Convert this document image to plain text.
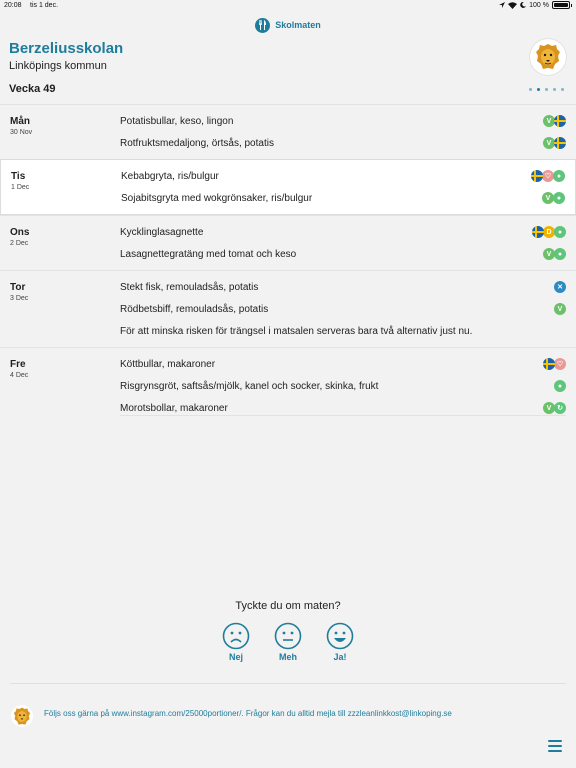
20:08 tis 1 dec.	100 %
Skolmaten
Berzeliusskolan
Linköpings kommun
Vecka 49
Mån
30 Nov
Potatisbullar, keso, lingon	V
Rotfruktsmedaljong, örtsås, potatis	V
Tis
1 Dec
Kebabgryta, ris/bulgur	♡ ●
Sojabitsgryta med wokgrönsaker, ris/bulgur	V ●
Ons
2 Dec
Kycklinglasagnette	D ●
Lasagnettegratäng med tomat och keso	V ●
Tor
3 Dec
Stekt fisk, remouladsås, potatis	✕
Rödbetsbiff, remouladsås, potatis	V
För att minska risken för trängsel i matsalen serveras bara två alternativ just nu.
Fre
4 Dec
Köttbullar, makaroner	♡
Risgrynsgröt, saftsås/mjölk, kanel och socker, skinka, frukt	●
Morotsbollar, makaroner	V ↻
Tyckte du om maten?
Nej	Meh	Ja!
Följs oss gärna på www.instagram.com/25000portioner/. Frågor kan du alltid mejla till zzzleanlinkkost@linkoping.se
